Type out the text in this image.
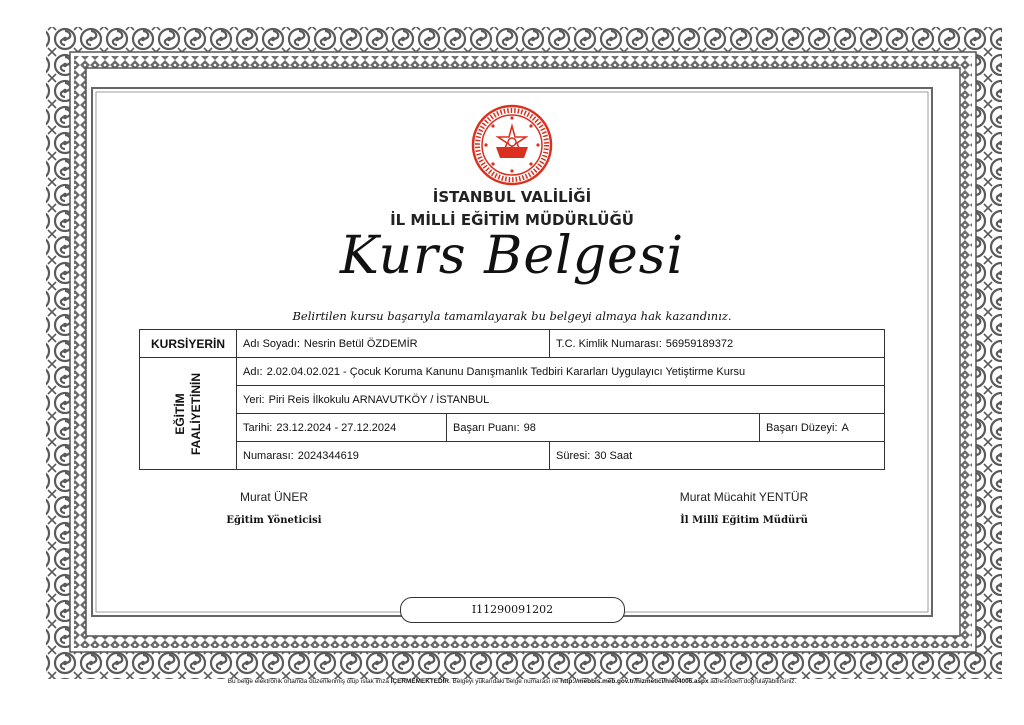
İSTANBUL VALİLİĞİ
İL MİLLİ EĞİTİM MÜDÜRLÜĞÜ
Kurs Belgesi
Belirtilen kursu başarıyla tamamlayarak bu belgeyi almaya hak kazandınız.
KURSİYERİN	Adı Soyadı: Nesrin Betül ÖZDEMİR		T.C. Kimlik Numarası: 56959189372	
EĞİTİM FAALİYETİNİN	Adı: 2.02.04.02.021 - Çocuk Koruma Kanunu Danışmanlık Tedbiri Kararları Uygulayıcı Yetiştirme Kursu			
	Yeri: Piri Reis İlkokulu ARNAVUTKÖY / İSTANBUL			
	Tarihi: 23.12.2024 - 27.12.2024	Başarı Puanı: 98		Başarı Düzeyi: A
	Numarası: 2024344619		Süresi: 30 Saat	
Murat ÜNER
Eğitim Yöneticisi
Murat Mücahit YENTÜR
İl Millî Eğitim Müdürü
I11290091202
Bu belge elektronik ortamda düzenlenmiş olup ıslak imza İÇERMEMEKTEDİR. Belgeyi yukarıdaki belge numarası ile http://mebbis.meb.gov.tr/hizmetici/hie04006.aspx adresinden doğrulayabilirsiniz.
